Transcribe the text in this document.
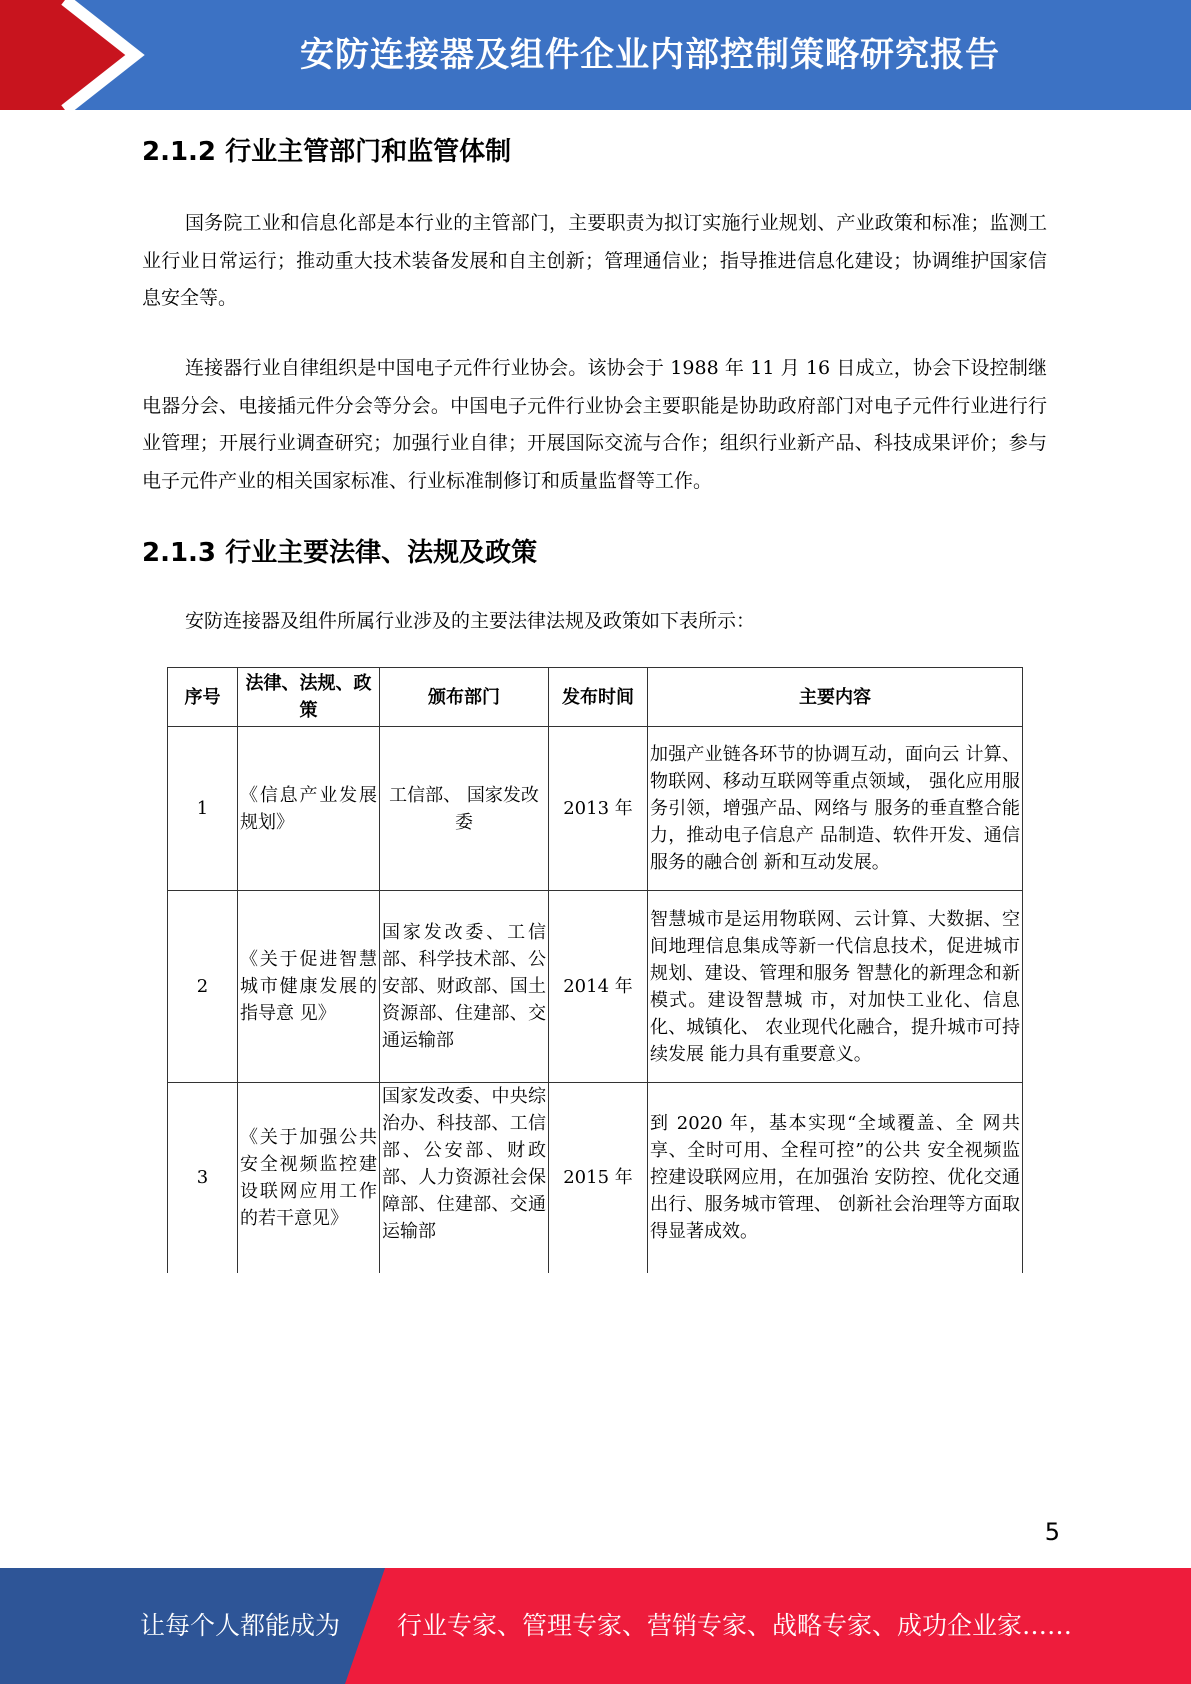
安防连接器及组件企业内部控制策略研究报告
2.1.2 行业主管部门和监管体制

国务院工业和信息化部是本行业的主管部门，主要职责为拟订实施行业规划、产业政策和标准；监测工业行业日常运行；推动重大技术装备发展和自主创新；管理通信业；指导推进信息化建设；协调维护国家信息安全等。

连接器行业自律组织是中国电子元件行业协会。该协会于 1988 年 11 月 16 日成立，协会下设控制继电器分会、电接插元件分会等分会。中国电子元件行业协会主要职能是协助政府部门对电子元件行业进行行业管理；开展行业调查研究；加强行业自律；开展国际交流与合作；组织行业新产品、科技成果评价；参与电子元件产业的相关国家标准、行业标准制修订和质量监督等工作。

2.1.3 行业主要法律、法规及政策

安防连接器及组件所属行业涉及的主要法律法规及政策如下表所示：

序号	法律、法规、政策	颁布部门	发布时间	主要内容
1	《信息产业发展规划》	工信部、 国家发改委	2013 年	加强产业链各环节的协调互动，面向云 计算、物联网、移动互联网等重点领域， 强化应用服务引领，增强产品、网络与 服务的垂直整合能力，推动电子信息产 品制造、软件开发、通信服务的融合创 新和互动发展。
2	《关于促进智慧城市健康发展的指导意 见》	国家发改委、工信部、科学技术部、公安部、财政部、国土资源部、住建部、交通运输部	2014 年	智慧城市是运用物联网、云计算、大数据、空间地理信息集成等新一代信息技术，促进城市规划、建设、管理和服务 智慧化的新理念和新模式。建设智慧城 市，对加快工业化、信息化、城镇化、 农业现代化融合，提升城市可持续发展 能力具有重要意义。
3	《关于加强公共安全视频监控建设联网应用工作的若干意见》	国家发改委、中央综治办、科技部、工信部、公安部、财政部、人力资源社会保障部、住建部、交通运输部	2015 年	到 2020 年，基本实现“全域覆盖、全 网共享、全时可用、全程可控”的公共 安全视频监控建设联网应用，在加强治 安防控、优化交通出行、服务城市管理、 创新社会治理等方面取得显著成效。
5
让每个人都能成为 行业专家、管理专家、营销专家、战略专家、成功企业家……
